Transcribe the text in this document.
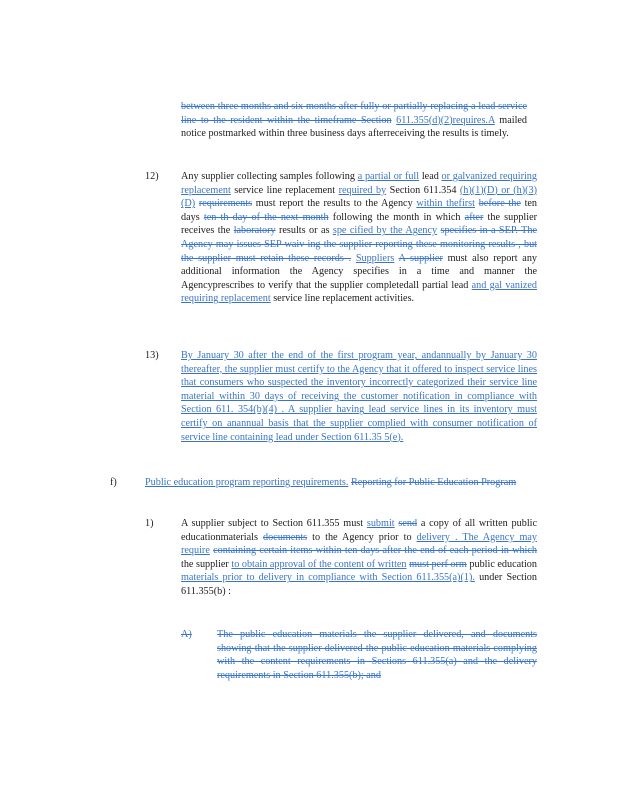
between three months and six months after fully or partially replacing a lead service line to the resident within the timeframe Section 611.355(d)(2)requires.A mailed notice postmarked within three business days afterreceiving the results is timely.
12) Any supplier collecting samples following a partial or full lead or galvanized requiring replacement service line replacement required by Section 611.354 (h)(1)(D) or (h)(3)(D) requirements must report the results to the Agency within thefirst before the ten days ten th day of the next month following the month in which after the supplier receives the laboratory results or as spe cified by the Agency specifies in a SEP. The Agency may issues SEP waiv ing the supplier reporting these monitoring results , but the supplier must retain these records . Suppliers A supplier must also report any additional information the Agency specifies in a time and manner the Agencyprescribes to verify that the supplier completedall partial lead and gal vanized requiring replacement service line replacement activities.
13) By January 30 after the end of the first program year, andannually by January 30 thereafter, the supplier must certify to the Agency that it offered to inspect service lines that consumers who suspected the inventory incorrectly categorized their service line material within 30 days of receiving the customer notification in compliance with Section 611. 354(b)(4) . A supplier having lead service lines in its inventory must certify on anannual basis that the supplier complied with consumer notification of service line containing lead under Section 611.35 5(e).
f)	Public education program reporting requirements. Reporting for Public Education Program
1)	A supplier subject to Section 611.355 must submit send a copy of all written public educationmaterials documents to the Agency prior to delivery . The Agency may require containing certain items within ten days after the end of each period in which the supplier to obtain approval of the content of written must perf orm public education materials prior to delivery in compliance with Section 611.355(a)(1). under Section 611.355(b) :
A) The public education materials the supplier delivered, and documents showing that the supplier delivered the public education materials complying with the content requirements in Sections 611.355(a) and the delivery requirements in Section 611.355(b); and
